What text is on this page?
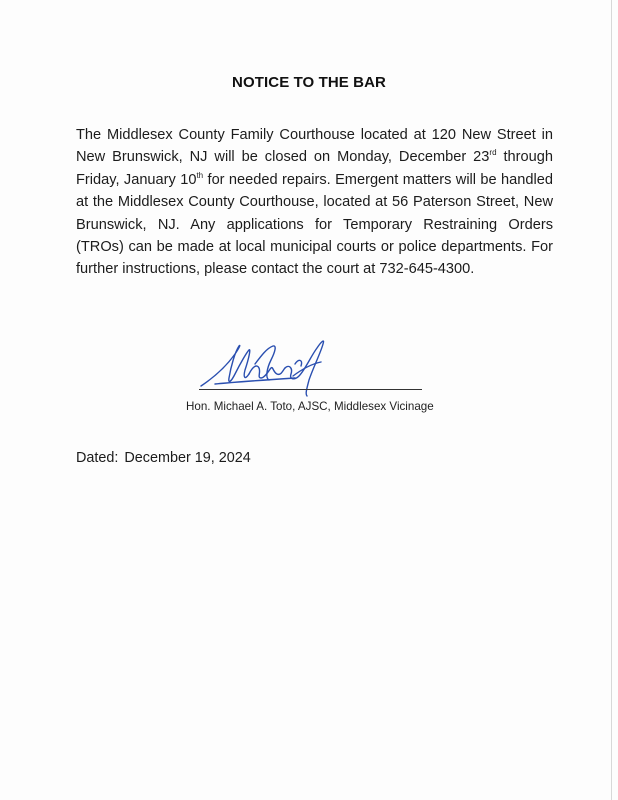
NOTICE TO THE BAR
The Middlesex County Family Courthouse located at 120 New Street in New Brunswick, NJ will be closed on Monday, December 23rd through Friday, January 10th for needed repairs. Emergent matters will be handled at the Middlesex County Courthouse, located at 56 Paterson Street, New Brunswick, NJ. Any applications for Temporary Restraining Orders (TROs) can be made at local municipal courts or police departments. For further instructions, please contact the court at 732-645-4300.
Hon. Michael A. Toto, AJSC, Middlesex Vicinage
Dated: December 19, 2024
